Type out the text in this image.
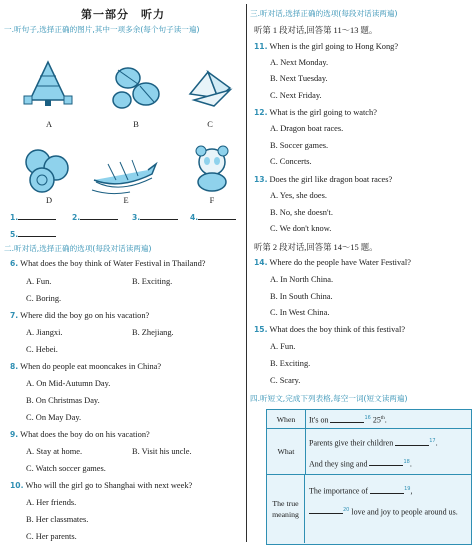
第一部分　听力
一.听句子,选择正确的图片,其中一项多余(每个句子读一遍)
A	B	C
D	E	F
1.	2.	3.	4.
5.
二.听对话,选择正确的选项(每段对话读两遍)
6. What does the boy think of Water Festival in Thailand?
A. Fun.	B. Exciting.
C. Boring.
7. Where did the boy go on his vacation?
A. Jiangxi.	B. Zhejiang.
C. Hebei.
8. When do people eat mooncakes in China?
A. On Mid-Autumn Day.
B. On Christmas Day.
C. On May Day.
9. What does the boy do on his vacation?
A. Stay at home.	B. Visit his uncle.
C. Watch soccer games.
10. Who will the girl go to Shanghai with next week?
A. Her friends.
B. Her classmates.
C. Her parents.
三.听对话,选择正确的选项(每段对话读两遍)
听第 1 段对话,回答第 11～13 题。
11. When is the girl going to Hong Kong?
A. Next Monday.
B. Next Tuesday.
C. Next Friday.
12. What is the girl going to watch?
A. Dragon boat races.
B. Soccer games.
C. Concerts.
13. Does the girl like dragon boat races?
A. Yes, she does.
B. No, she doesn't.
C. We don't know.
听第 2 段对话,回答第 14～15 题。
14. Where do the people have Water Festival?
A. In North China.
B. In South China.
C. In West China.
15. What does the boy think of this festival?
A. Fun.
B. Exciting.
C. Scary.
四.听短文,完成下列表格,每空一词(短文读两遍)
When	It's on	$^{16}$ 25th.
What
Parents give their children	$^{17}$.
And they sing and	$^{18}$.
The true meaning
The importance of	$^{19}$,
$^{20}$ love and joy to people around us.
